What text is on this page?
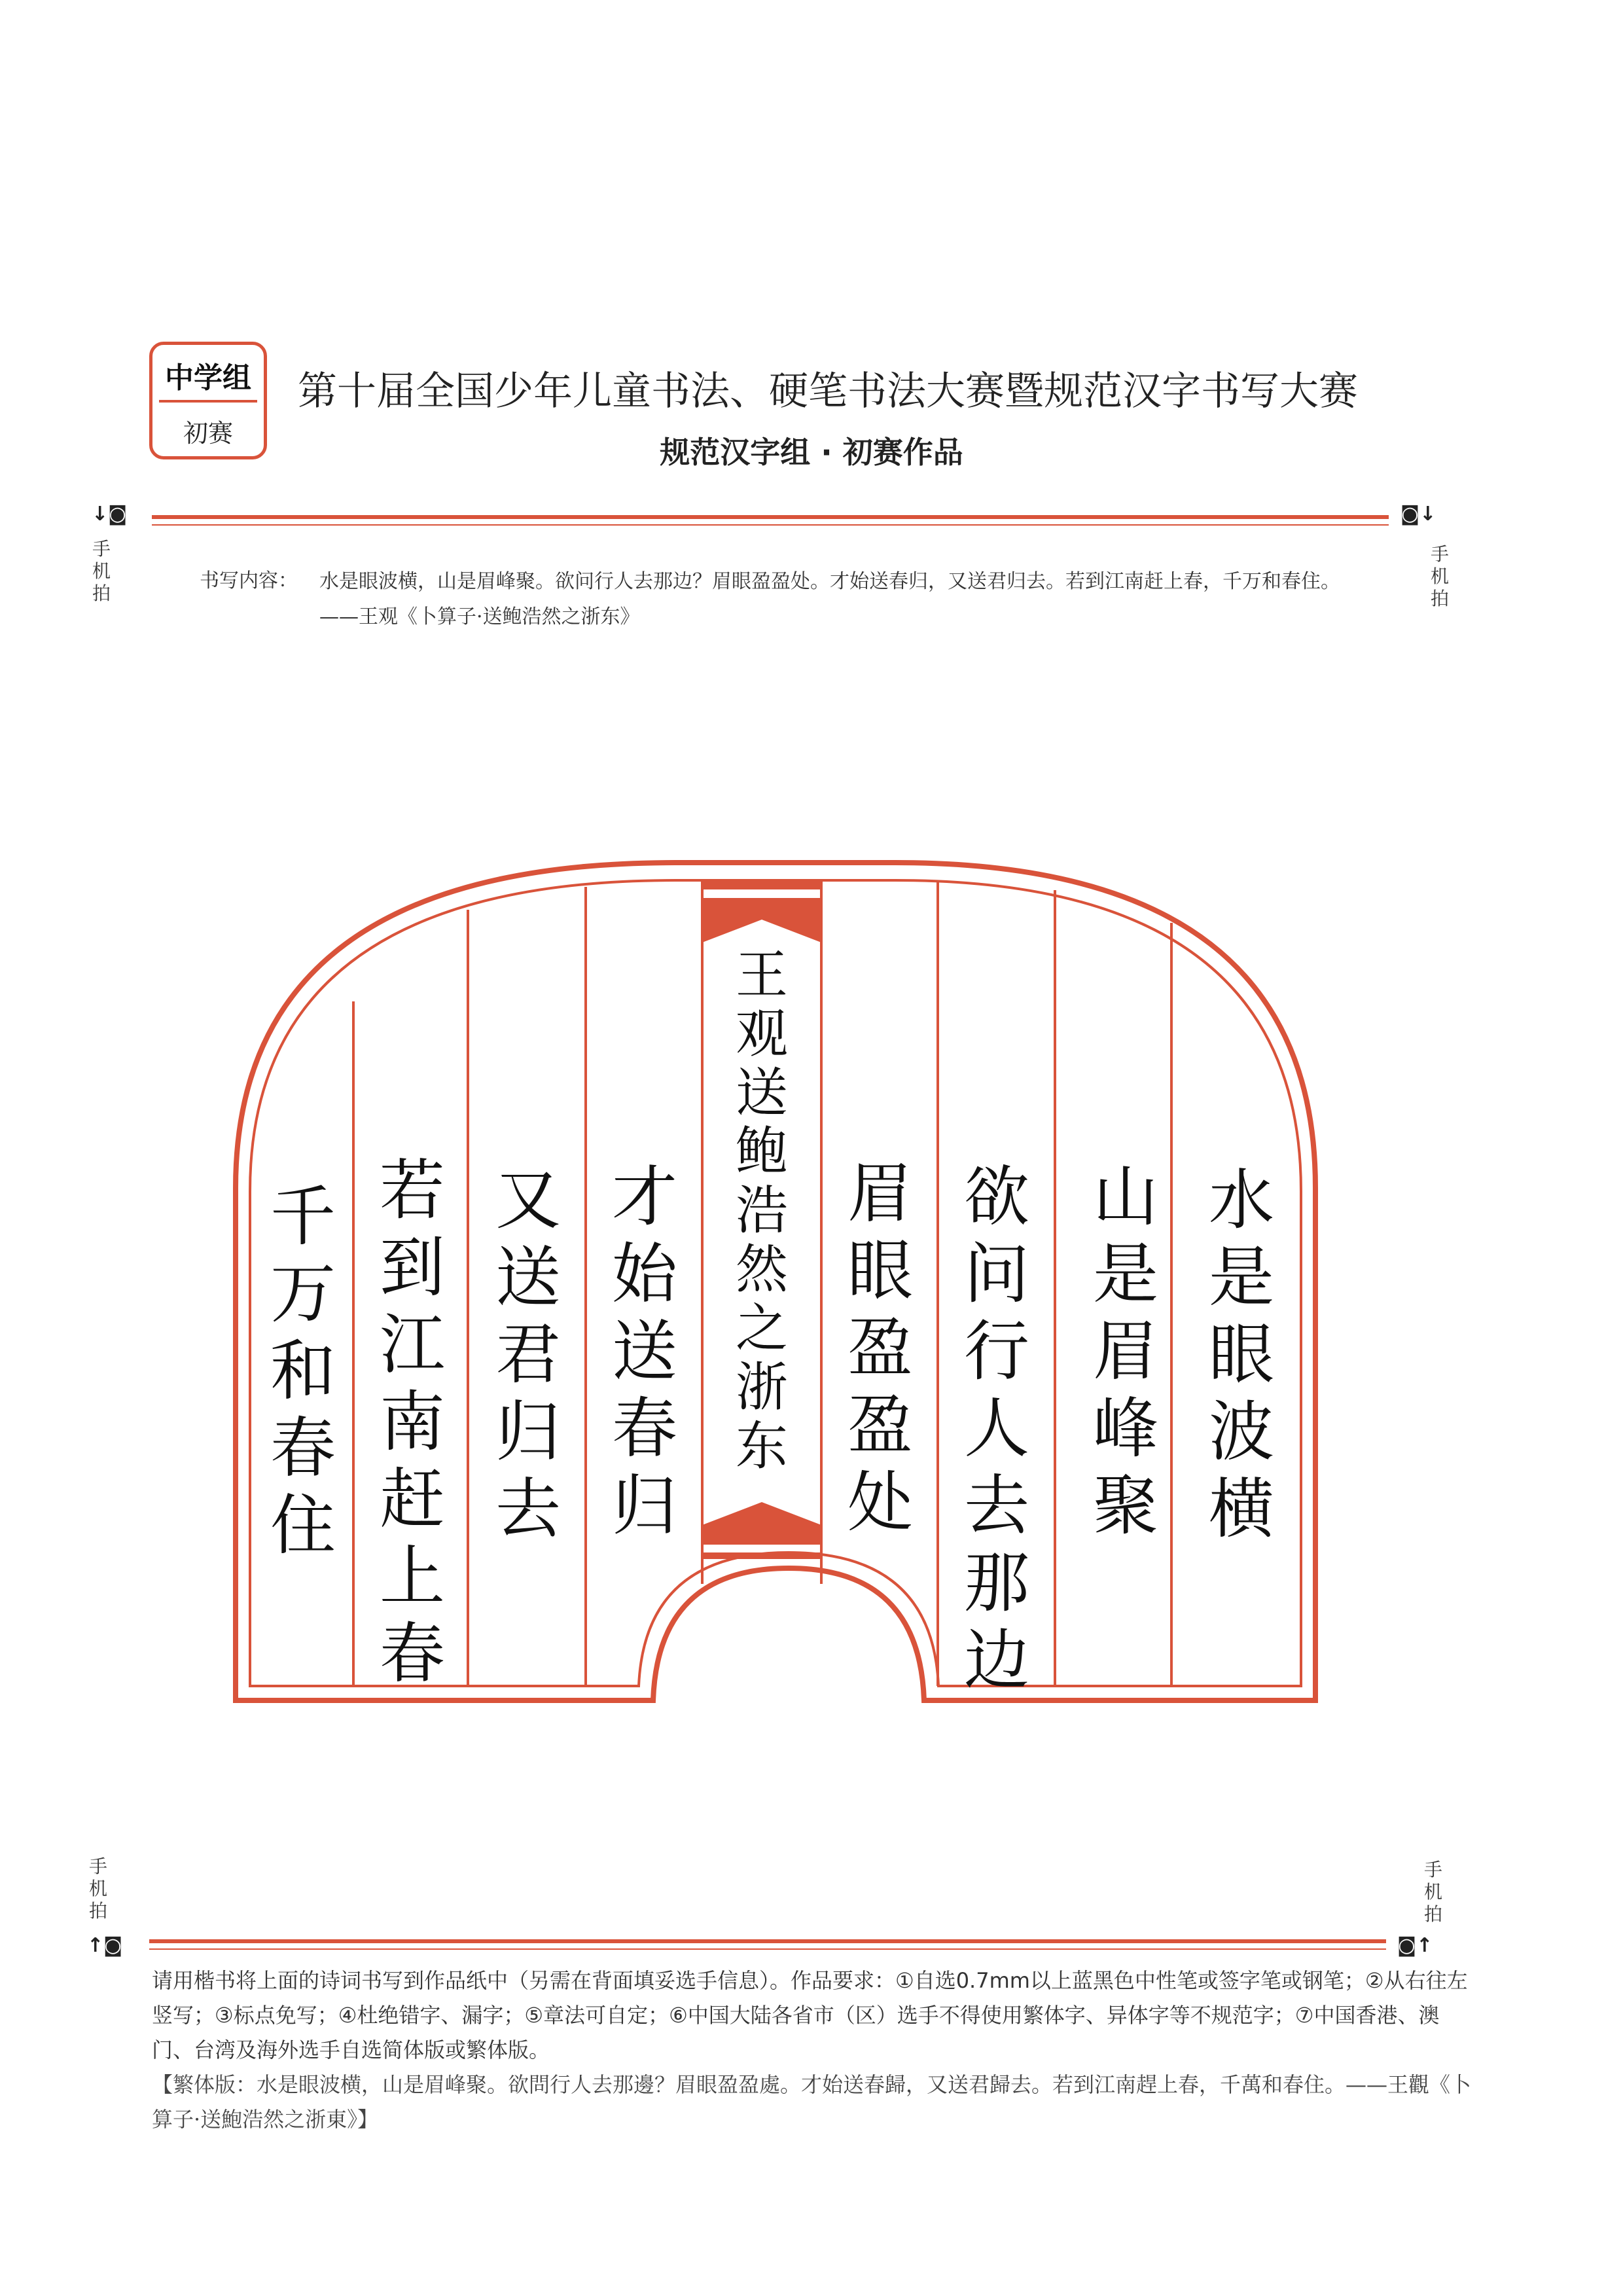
中学组
初赛
第十届全国少年儿童书法、硬笔书法大赛暨规范汉字书写大赛
规范汉字组 · 初赛作品
↓◙	◙↓
手机拍
手机拍
书写内容： 水是眼波横，山是眉峰聚。欲问行人去那边？眉眼盈盈处。才始送春归，又送君归去。若到江南赶上春，千万和春住。——王观《卜算子·送鲍浩然之浙东》
水是眼波横
山是眉峰聚
欲问行人去那边
眉眼盈盈处
王观送鲍浩然之浙东
才始送春归
又送君归去
若到江南赶上春
千万和春住
手机拍
手机拍
↑◙	◙↑
请用楷书将上面的诗词书写到作品纸中（另需在背面填妥选手信息）。作品要求：①自选0.7mm以上蓝黑色中性笔或签字笔或钢笔；②从右往左竖写；③标点免写；④杜绝错字、漏字；⑤章法可自定；⑥中国大陆各省市（区）选手不得使用繁体字、异体字等不规范字；⑦中国香港、澳门、台湾及海外选手自选简体版或繁体版。
【繁体版：水是眼波横，山是眉峰聚。欲問行人去那邊？眉眼盈盈處。才始送春歸，又送君歸去。若到江南趕上春，千萬和春住。——王觀《卜算子·送鮑浩然之浙東》】
